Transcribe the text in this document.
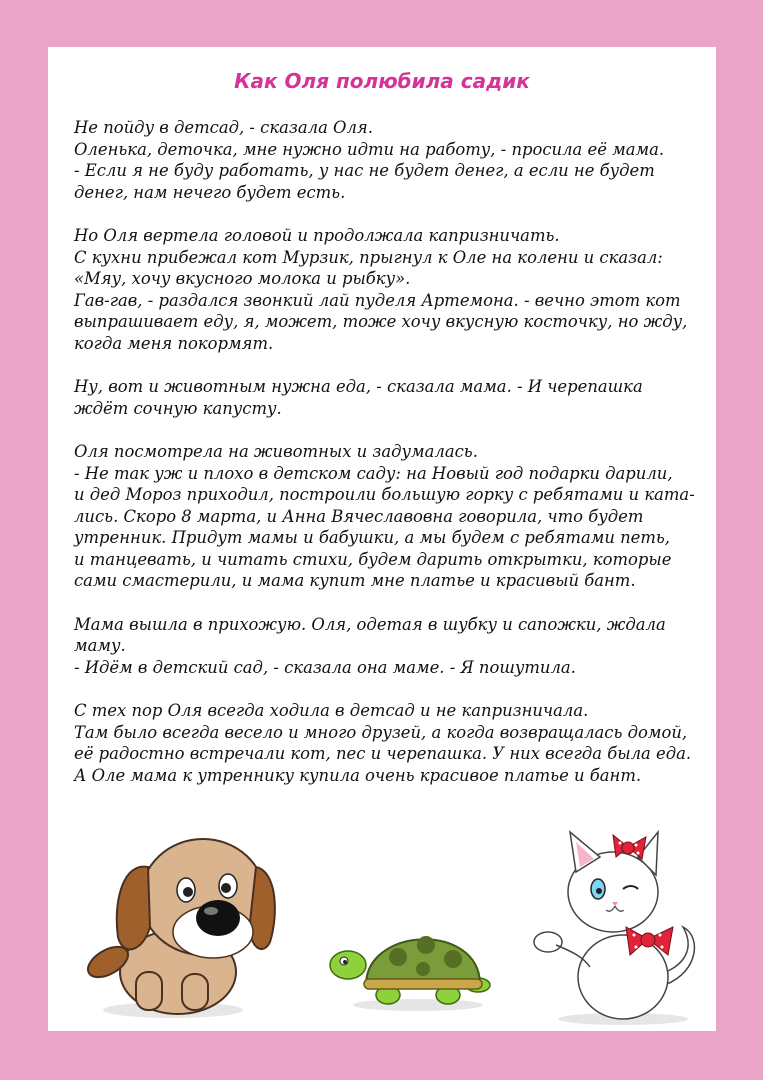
Как Оля полюбила садик

Не пойду в детсад, - сказала Оля.
Оленька, деточка, мне нужно идти на работу, - просила её мама.
- Если я не буду работать, у нас не будет денег, а если не будет
денег, нам нечего будет есть.

Но Оля вертела головой и продолжала капризничать.
С кухни прибежал кот Мурзик, прыгнул к Оле на колени и сказал:
«Мяу, хочу вкусного молока и рыбку».
Гав-гав, - раздался звонкий лай пуделя Артемона. - вечно этот кот
выпрашивает еду, я, может, тоже хочу вкусную косточку, но жду,
когда меня покормят.

Ну, вот и животным нужна еда, - сказала мама. - И черепашка
ждёт сочную капусту.

Оля посмотрела на животных и задумалась.
- Не так уж и плохо в детском саду: на Новый год подарки дарили,
и дед Мороз приходил, построили большую горку с ребятами и ката-
лись. Скоро 8 марта, и Анна Вячеславовна говорила, что будет
утренник. Придут мамы и бабушки, а мы будем с ребятами петь,
и танцевать, и читать стихи, будем дарить открытки, которые
сами смастерили, и мама купит мне платье и красивый бант.

Мама вышла в прихожую. Оля, одетая в шубку и сапожки, ждала
маму.
- Идём в детский сад, - сказала она маме. - Я пошутила.

С тех пор Оля всегда ходила в детсад и не капризничала.
Там было всегда весело и много друзей, а когда возвращалась домой,
её радостно встречали кот, пес и черепашка. У них всегда была еда.
А Оле мама к утреннику купила очень красивое платье и бант.
